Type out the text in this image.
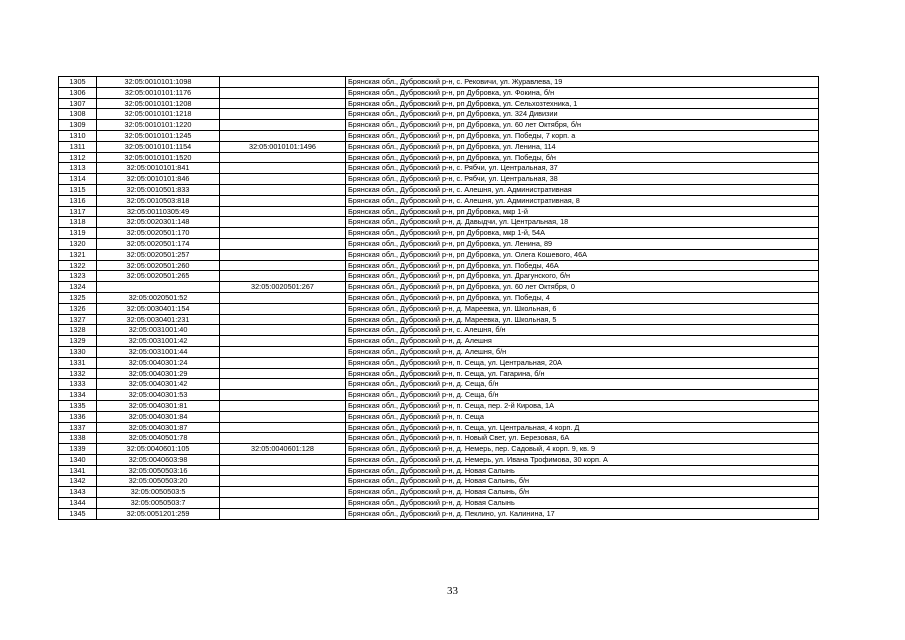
1305	32:05:0010101:1098		Брянская обл., Дубровский р-н, с. Рековичи, ул. Журавлева, 19
1306	32:05:0010101:1176		Брянская обл., Дубровский р-н, рп Дубровка, ул. Фокина, б/н
1307	32:05:0010101:1208		Брянская обл., Дубровский р-н, рп Дубровка, ул. Сельхозтехника, 1
1308	32:05:0010101:1218		Брянская обл., Дубровский р-н, рп Дубровка, ул. 324 Дивизии
1309	32:05:0010101:1220		Брянская обл., Дубровский р-н, рп Дубровка, ул. 60 лет Октября, б/н
1310	32:05:0010101:1245		Брянская обл., Дубровский р-н, рп Дубровка, ул. Победы, 7 корп. а
1311	32:05:0010101:1154	32:05:0010101:1496	Брянская обл., Дубровский р-н, рп Дубровка, ул. Ленина, 114
1312	32:05:0010101:1520		Брянская обл., Дубровский р-н, рп Дубровка, ул. Победы, б/н
1313	32:05:0010101:841		Брянская обл., Дубровский р-н, с. Рябчи, ул. Центральная, 37
1314	32:05:0010101:846		Брянская обл., Дубровский р-н, с. Рябчи, ул. Центральная, 38
1315	32:05:0010501:833		Брянская обл., Дубровский р-н, с. Алешня, ул. Административная
1316	32:05:0010503:818		Брянская обл., Дубровский р-н, с. Алешня, ул. Административная, 8
1317	32:05:00110305:49		Брянская обл., Дубровский р-н, рп Дубровка, мкр 1-й
1318	32:05:0020301:148		Брянская обл., Дубровский р-н, д. Давыдчи, ул. Центральная, 18
1319	32:05:0020501:170		Брянская обл., Дубровский р-н, рп Дубровка, мкр 1-й, 54А
1320	32:05:0020501:174		Брянская обл., Дубровский р-н, рп Дубровка, ул. Ленина, 89
1321	32:05:0020501:257		Брянская обл., Дубровский р-н, рп Дубровка, ул. Олега Кошевого, 46А
1322	32:05:0020501:260		Брянская обл., Дубровский р-н, рп Дубровка, ул. Победы, 46А
1323	32:05:0020501:265		Брянская обл., Дубровский р-н, рп Дубровка, ул. Драгунского, б/н
1324		32:05:0020501:267	Брянская обл., Дубровский р-н, рп Дубровка, ул. 60 лет Октября, 0
1325	32:05:0020501:52		Брянская обл., Дубровский р-н, рп Дубровка, ул. Победы, 4
1326	32:05:0030401:154		Брянская обл., Дубровский р-н, д. Мареевка, ул. Школьная, 6
1327	32:05:0030401:231		Брянская обл., Дубровский р-н, д. Мареевка, ул. Школьная, 5
1328	32:05:0031001:40		Брянская обл., Дубровский р-н, с. Алешня, б/н
1329	32:05:0031001:42		Брянская обл., Дубровский р-н, д. Алешня
1330	32:05:0031001:44		Брянская обл., Дубровский р-н, д. Алешня, б/н
1331	32:05:0040301:24		Брянская обл., Дубровский р-н, п. Сеща, ул. Центральная, 20А
1332	32:05:0040301:29		Брянская обл., Дубровский р-н, п. Сеща, ул. Гагарина, б/н
1333	32:05:0040301:42		Брянская обл., Дубровский р-н, д. Сеща, б/н
1334	32:05:0040301:53		Брянская обл., Дубровский р-н, д. Сеща, б/н
1335	32:05:0040301:81		Брянская обл., Дубровский р-н, п. Сеща, пер. 2-й Кирова, 1А
1336	32:05:0040301:84		Брянская обл., Дубровский р-н, п. Сеща
1337	32:05:0040301:87		Брянская обл., Дубровский р-н, п. Сеща, ул. Центральная, 4 корп. Д
1338	32:05:0040501:78		Брянская обл., Дубровский р-н, п. Новый Свет, ул. Березовая, 6А
1339	32:05:0040601:105	32:05:0040601:128	Брянская обл., Дубровский р-н, д. Немерь, пер. Садовый, 4 корп. 9, кв. 9
1340	32:05:0040603:98		Брянская обл., Дубровский р-н, д. Немерь, ул. Ивана Трофимова, 30 корп. А
1341	32:05:0050503:16		Брянская обл., Дубровский р-н, д. Новая Салынь
1342	32:05:0050503:20		Брянская обл., Дубровский р-н, д. Новая Салынь, б/н
1343	32:05:0050503:5		Брянская обл., Дубровский р-н, д. Новая Салынь, б/н
1344	32:05:0050503:7		Брянская обл., Дубровский р-н, д. Новая Салынь
1345	32:05:0051201:259		Брянская обл., Дубровский р-н, д. Пеклино, ул. Калинина, 17
33
